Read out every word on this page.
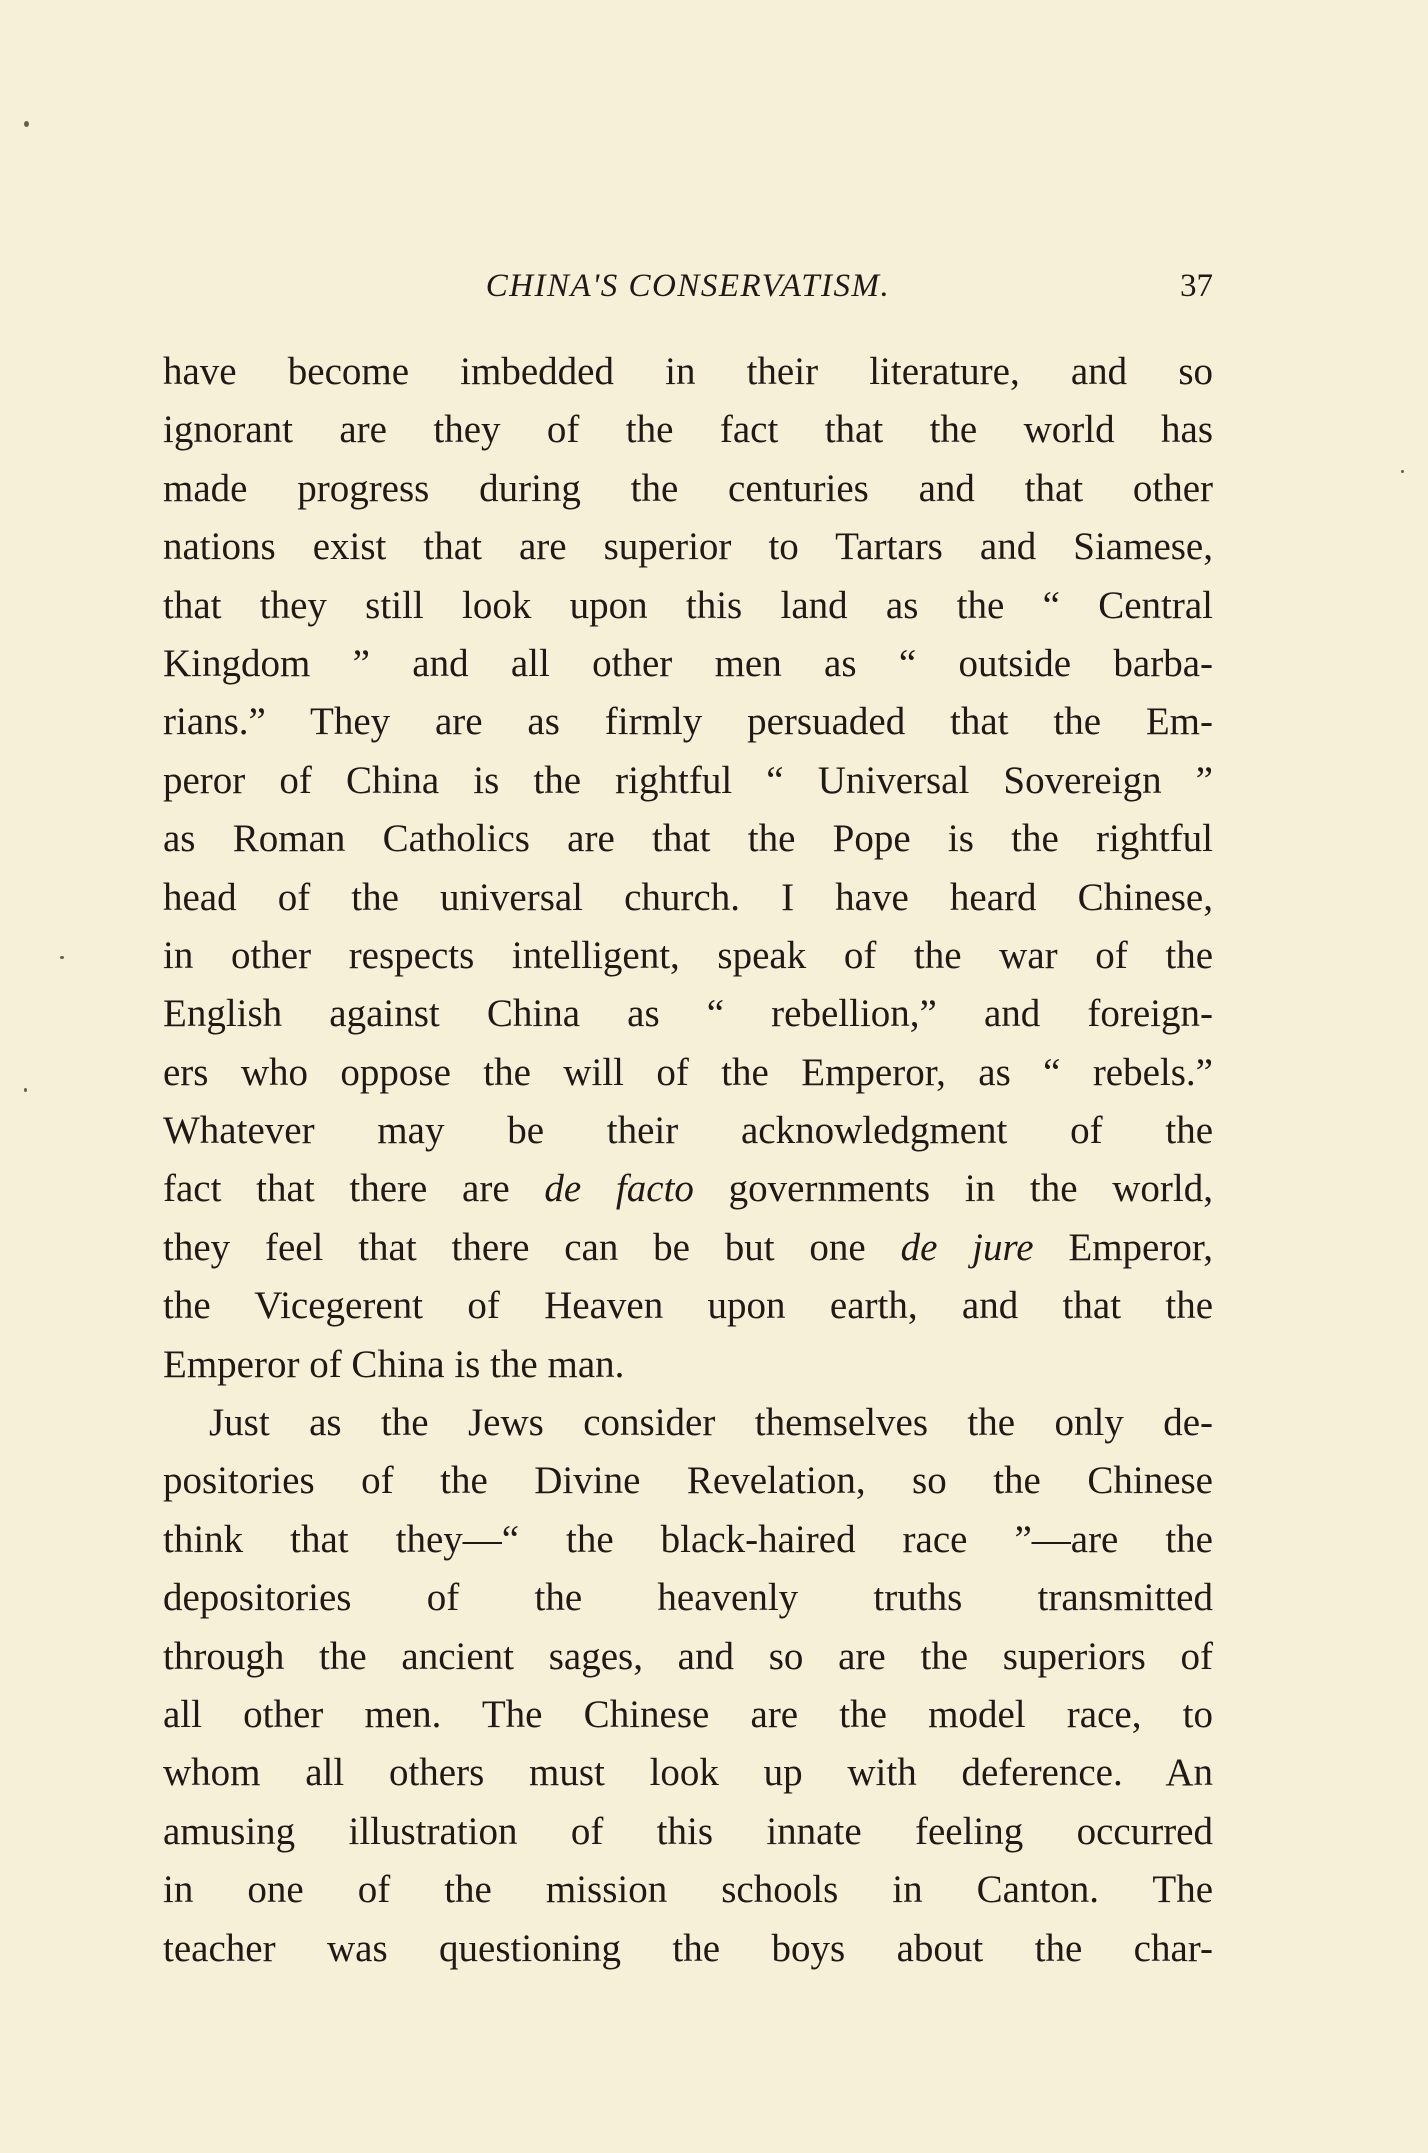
CHINA'S CONSERVATISM.	37
have become imbedded in their literature, and so
ignorant are they of the fact that the world has
made progress during the centuries and that other
nations exist that are superior to Tartars and Siamese,
that they still look upon this land as the “ Central
Kingdom ” and all other men as “ outside barba-
rians.” They are as firmly persuaded that the Em-
peror of China is the rightful “ Universal Sovereign ”
as Roman Catholics are that the Pope is the rightful
head of the universal church. I have heard Chinese,
in other respects intelligent, speak of the war of the
English against China as “ rebellion,” and foreign-
ers who oppose the will of the Emperor, as “ rebels.”
Whatever may be their acknowledgment of the
fact that there are de facto governments in the world,
they feel that there can be but one de jure Emperor,
the Vicegerent of Heaven upon earth, and that the
Emperor of China is the man.
Just as the Jews consider themselves the only de-
positories of the Divine Revelation, so the Chinese
think that they—“ the black-haired race ”—are the
depositories of the heavenly truths transmitted
through the ancient sages, and so are the superiors of
all other men. The Chinese are the model race, to
whom all others must look up with deference. An
amusing illustration of this innate feeling occurred
in one of the mission schools in Canton. The
teacher was questioning the boys about the char-
